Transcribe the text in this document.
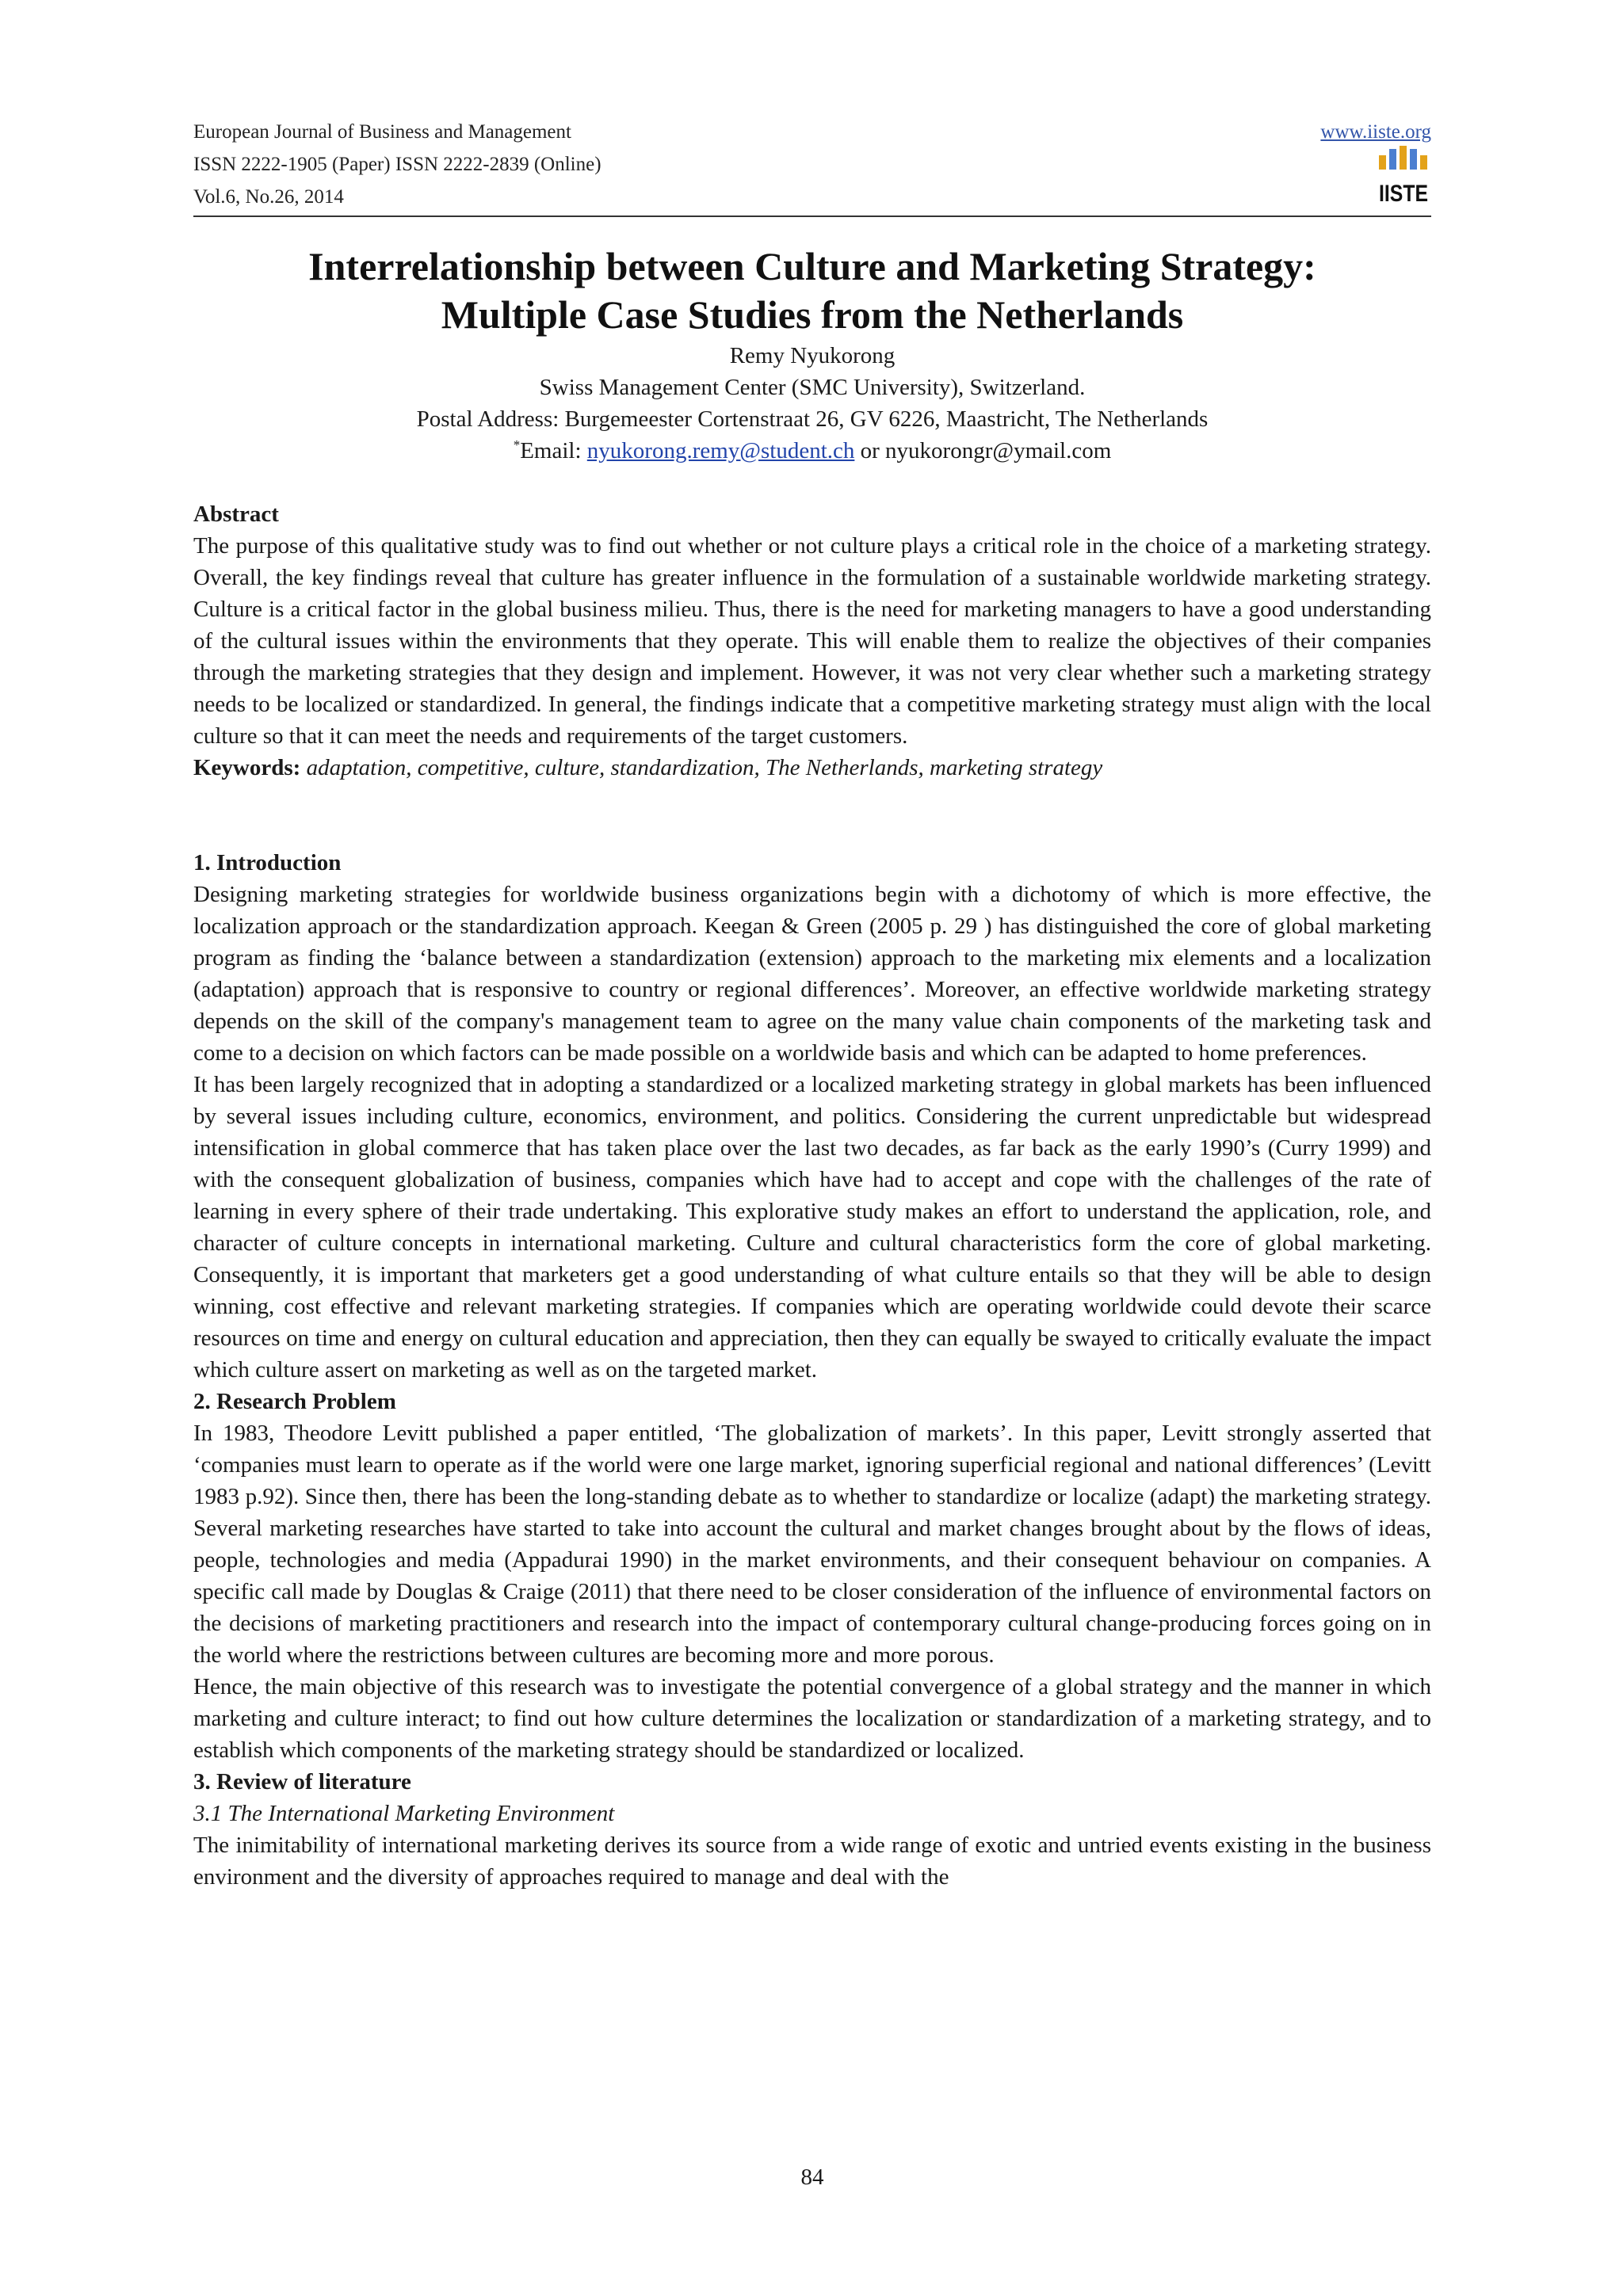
European Journal of Business and Management
ISSN 2222-1905 (Paper) ISSN 2222-2839 (Online)
Vol.6, No.26, 2014
www.iiste.org
IISTE
Interrelationship between Culture and Marketing Strategy:
Multiple Case Studies from the Netherlands
Remy Nyukorong
Swiss Management Center (SMC University), Switzerland.
Postal Address: Burgemeester Cortenstraat 26, GV 6226, Maastricht, The Netherlands
*Email: nyukorong.remy@student.ch or nyukorongr@ymail.com

Abstract

The purpose of this qualitative study was to find out whether or not culture plays a critical role in the choice of a marketing strategy. Overall, the key findings reveal that culture has greater influence in the formulation of a sustainable worldwide marketing strategy. Culture is a critical factor in the global business milieu. Thus, there is the need for marketing managers to have a good understanding of the cultural issues within the environments that they operate. This will enable them to realize the objectives of their companies through the marketing strategies that they design and implement. However, it was not very clear whether such a marketing strategy needs to be localized or standardized. In general, the findings indicate that a competitive marketing strategy must align with the local culture so that it can meet the needs and requirements of the target customers.

Keywords: adaptation, competitive, culture, standardization, The Netherlands, marketing strategy

1. Introduction

Designing marketing strategies for worldwide business organizations begin with a dichotomy of which is more effective, the localization approach or the standardization approach. Keegan & Green (2005 p. 29 ) has distinguished the core of global marketing program as finding the ‘balance between a standardization (extension) approach to the marketing mix elements and a localization (adaptation) approach that is responsive to country or regional differences’. Moreover, an effective worldwide marketing strategy depends on the skill of the company's management team to agree on the many value chain components of the marketing task and come to a decision on which factors can be made possible on a worldwide basis and which can be adapted to home preferences.

It has been largely recognized that in adopting a standardized or a localized marketing strategy in global markets has been influenced by several issues including culture, economics, environment, and politics. Considering the current unpredictable but widespread intensification in global commerce that has taken place over the last two decades, as far back as the early 1990’s (Curry 1999) and with the consequent globalization of business, companies which have had to accept and cope with the challenges of the rate of learning in every sphere of their trade undertaking. This explorative study makes an effort to understand the application, role, and character of culture concepts in international marketing. Culture and cultural characteristics form the core of global marketing. Consequently, it is important that marketers get a good understanding of what culture entails so that they will be able to design winning, cost effective and relevant marketing strategies. If companies which are operating worldwide could devote their scarce resources on time and energy on cultural education and appreciation, then they can equally be swayed to critically evaluate the impact which culture assert on marketing as well as on the targeted market.

2. Research Problem

In 1983, Theodore Levitt published a paper entitled, ‘The globalization of markets’. In this paper, Levitt strongly asserted that ‘companies must learn to operate as if the world were one large market, ignoring superficial regional and national differences’ (Levitt 1983 p.92). Since then, there has been the long-standing debate as to whether to standardize or localize (adapt) the marketing strategy. Several marketing researches have started to take into account the cultural and market changes brought about by the flows of ideas, people, technologies and media (Appadurai 1990) in the market environments, and their consequent behaviour on companies. A specific call made by Douglas & Craige (2011) that there need to be closer consideration of the influence of environmental factors on the decisions of marketing practitioners and research into the impact of contemporary cultural change-producing forces going on in the world where the restrictions between cultures are becoming more and more porous.

Hence, the main objective of this research was to investigate the potential convergence of a global strategy and the manner in which marketing and culture interact; to find out how culture determines the localization or standardization of a marketing strategy, and to establish which components of the marketing strategy should be standardized or localized.

3. Review of literature

3.1 The International Marketing Environment

The inimitability of international marketing derives its source from a wide range of exotic and untried events existing in the business environment and the diversity of approaches required to manage and deal with the

84
